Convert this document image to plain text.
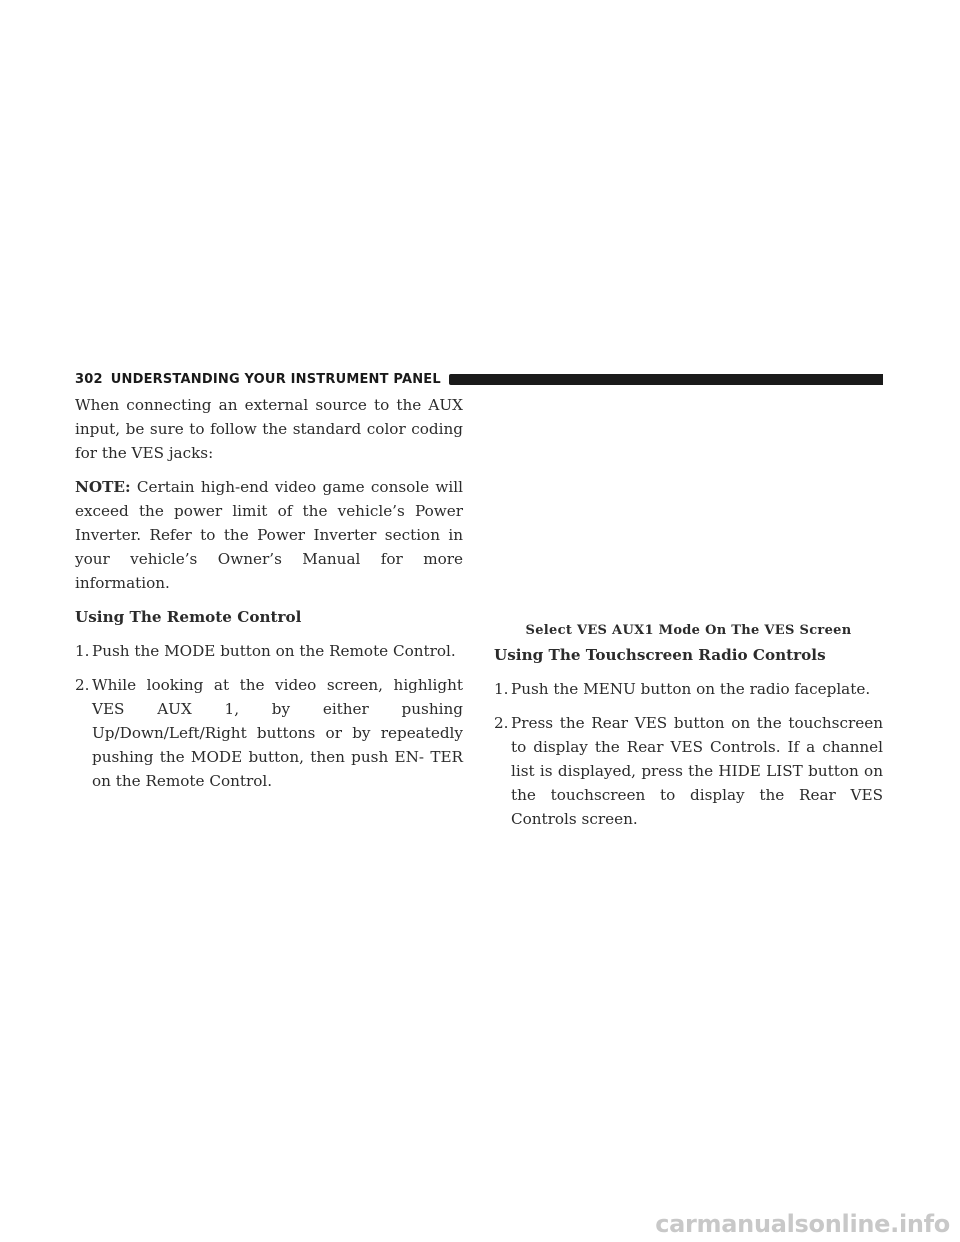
302 UNDERSTANDING YOUR INSTRUMENT PANEL

When connecting an external source to the AUX input, be sure to follow the standard color coding for the VES jacks:

NOTE: Certain high-end video game console will exceed the power limit of the vehicle’s Power Inverter. Refer to the Power Inverter section in your vehicle’s Owner’s Manual for more information.

Using The Remote Control
1. Push the MODE button on the Remote Control.
2. While looking at the video screen, highlight VES AUX 1, by either pushing Up/Down/Left/Right buttons or by repeatedly pushing the MODE button, then push EN- TER on the Remote Control.
Select VES AUX1 Mode On The VES Screen
Using The Touchscreen Radio Controls
1. Push the MENU button on the radio faceplate.
2. Press the Rear VES button on the touchscreen to display the Rear VES Controls. If a channel list is displayed, press the HIDE LIST button on the touchscreen to display the Rear VES Controls screen.
carmanualsonline.info
